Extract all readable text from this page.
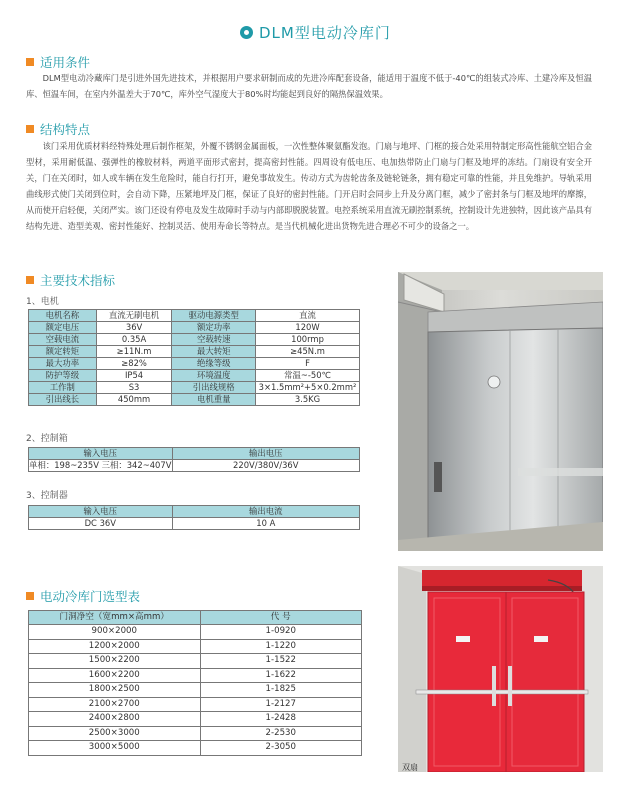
DLM型电动冷库门
适用条件

DLM型电动冷藏库门是引进外国先进技术，并根据用户要求研制而成的先进冷库配套设备，能适用于温度不低于-40℃的组装式冷库、土建冷库及恒温库、恒温车间，在室内外温差大于70℃，库外空气湿度大于80%时均能起到良好的隔热保温效果。

结构特点

该门采用优质材料经特殊处理后制作框架，外覆不锈钢金属面板，一次性整体聚氨酯发泡。门扇与地坪、门框的接合处采用特制定形高性能航空铝合金型材，采用耐低温、强弹性的橡胶材料，两道平面形式密封，提高密封性能。四周设有低电压、电加热带防止门扇与门框及地坪的冻结。门扇设有安全开关，门在关闭时，如人或车辆在发生危险时，能自行打开，避免事故发生。传动方式为齿轮齿条及链轮链条，拥有稳定可靠的性能，并且免维护。导轨采用曲线形式使门关闭到位时，会自动下降，压紧地坪及门框，保证了良好的密封性能。门开启时会同步上升及分离门框，减少了密封条与门框及地坪的摩擦，从而使开启轻便，关闭严实。该门还设有停电及发生故障时手动与内部即脱脱装置。电控系统采用直流无刷控制系统，控制设计先进独特，因此该产品具有结构先进、造型美观、密封性能好、控制灵活、使用寿命长等特点。是当代机械化进出货物先进合理必不可少的设备之一。

主要技术指标
1、电机
电机名称	直流无刷电机	驱动电源类型	直流
额定电压	36V	额定功率	120W
空载电流	0.35A	空载转速	100rmp
额定转矩	≥11N.m	最大转矩	≥45N.m
最大功率	≥82%	绝缘等级	F
防护等级	IP54	环境温度	常温~-50℃
工作制	S3	引出线规格	3×1.5mm²+5×0.2mm²
引出线长	450mm	电机重量	3.5KG
2、控制箱
输入电压	输出电压
单相：198~235V 三相：342~407V	220V/380V/36V
3、控制器
输入电压	输出电流
DC 36V	10 A
电动冷库门选型表
门洞净空（宽mm×高mm）	代 号
900×2000	1-0920
1200×2000	1-1220
1500×2200	1-1522
1600×2200	1-1622
1800×2500	1-1825
2100×2700	1-2127
2400×2800	1-2428
2500×3000	2-2530
3000×5000	2-3050
双扇
